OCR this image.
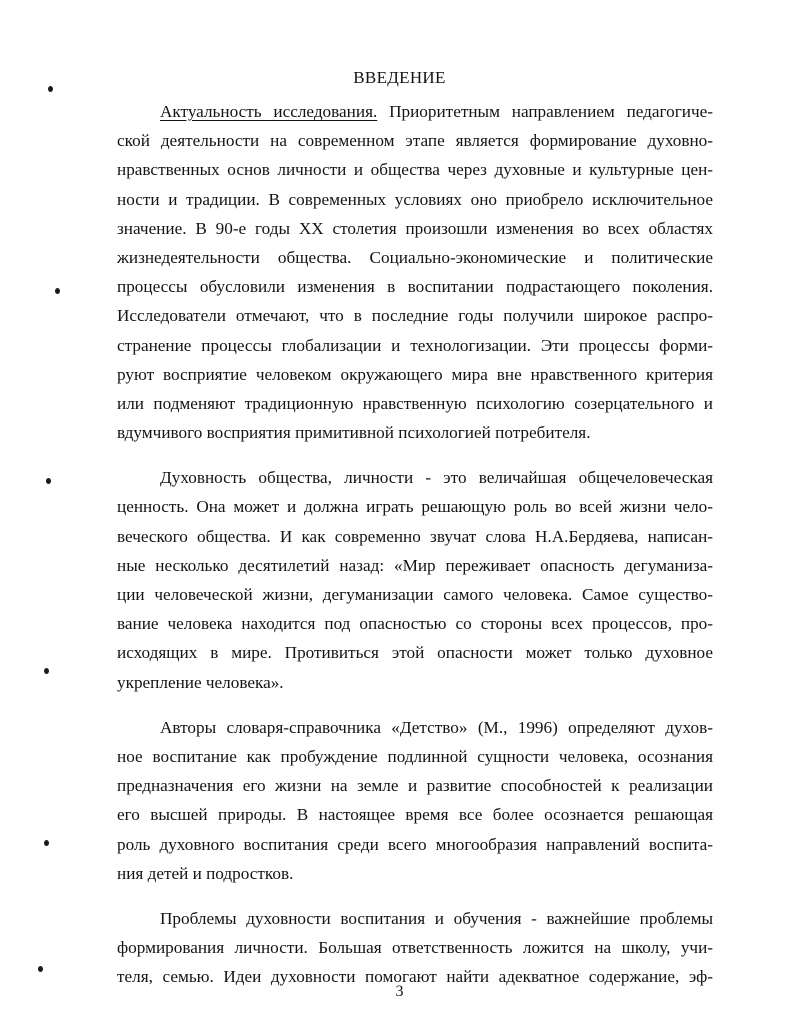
ВВЕДЕНИЕ
Актуальность исследования. Приоритетным направлением педагогиче-
ской деятельности на современном этапе является формирование духовно-
нравственных основ личности и общества через духовные и культурные цен-
ности и традиции. В современных условиях оно приобрело исключительное
значение. В 90-е годы XX столетия произошли изменения во всех областях
жизнедеятельности общества. Социально-экономические и политические
процессы обусловили изменения в воспитании подрастающего поколения.
Исследователи отмечают, что в последние годы получили широкое распро-
странение процессы глобализации и технологизации. Эти процессы форми-
руют восприятие человеком окружающего мира вне нравственного критерия
или подменяют традиционную нравственную психологию созерцательного и
вдумчивого восприятия примитивной психологией потребителя.
Духовность общества, личности - это величайшая общечеловеческая
ценность. Она может и должна играть решающую роль во всей жизни чело-
веческого общества. И как современно звучат слова Н.А.Бердяева, написан-
ные несколько десятилетий назад: «Мир переживает опасность дегуманиза-
ции человеческой жизни, дегуманизации самого человека. Самое существо-
вание человека находится под опасностью со стороны всех процессов, про-
исходящих в мире. Противиться этой опасности может только духовное
укрепление человека».
Авторы словаря-справочника «Детство» (М., 1996) определяют духов-
ное воспитание как пробуждение подлинной сущности человека, осознания
предназначения его жизни на земле и развитие способностей к реализации
его высшей природы. В настоящее время все более осознается решающая
роль духовного воспитания среди всего многообразия направлений воспита-
ния детей и подростков.
Проблемы духовности воспитания и обучения - важнейшие проблемы
формирования личности. Большая ответственность ложится на школу, учи-
теля, семью. Идеи духовности помогают найти адекватное содержание, эф-
3
